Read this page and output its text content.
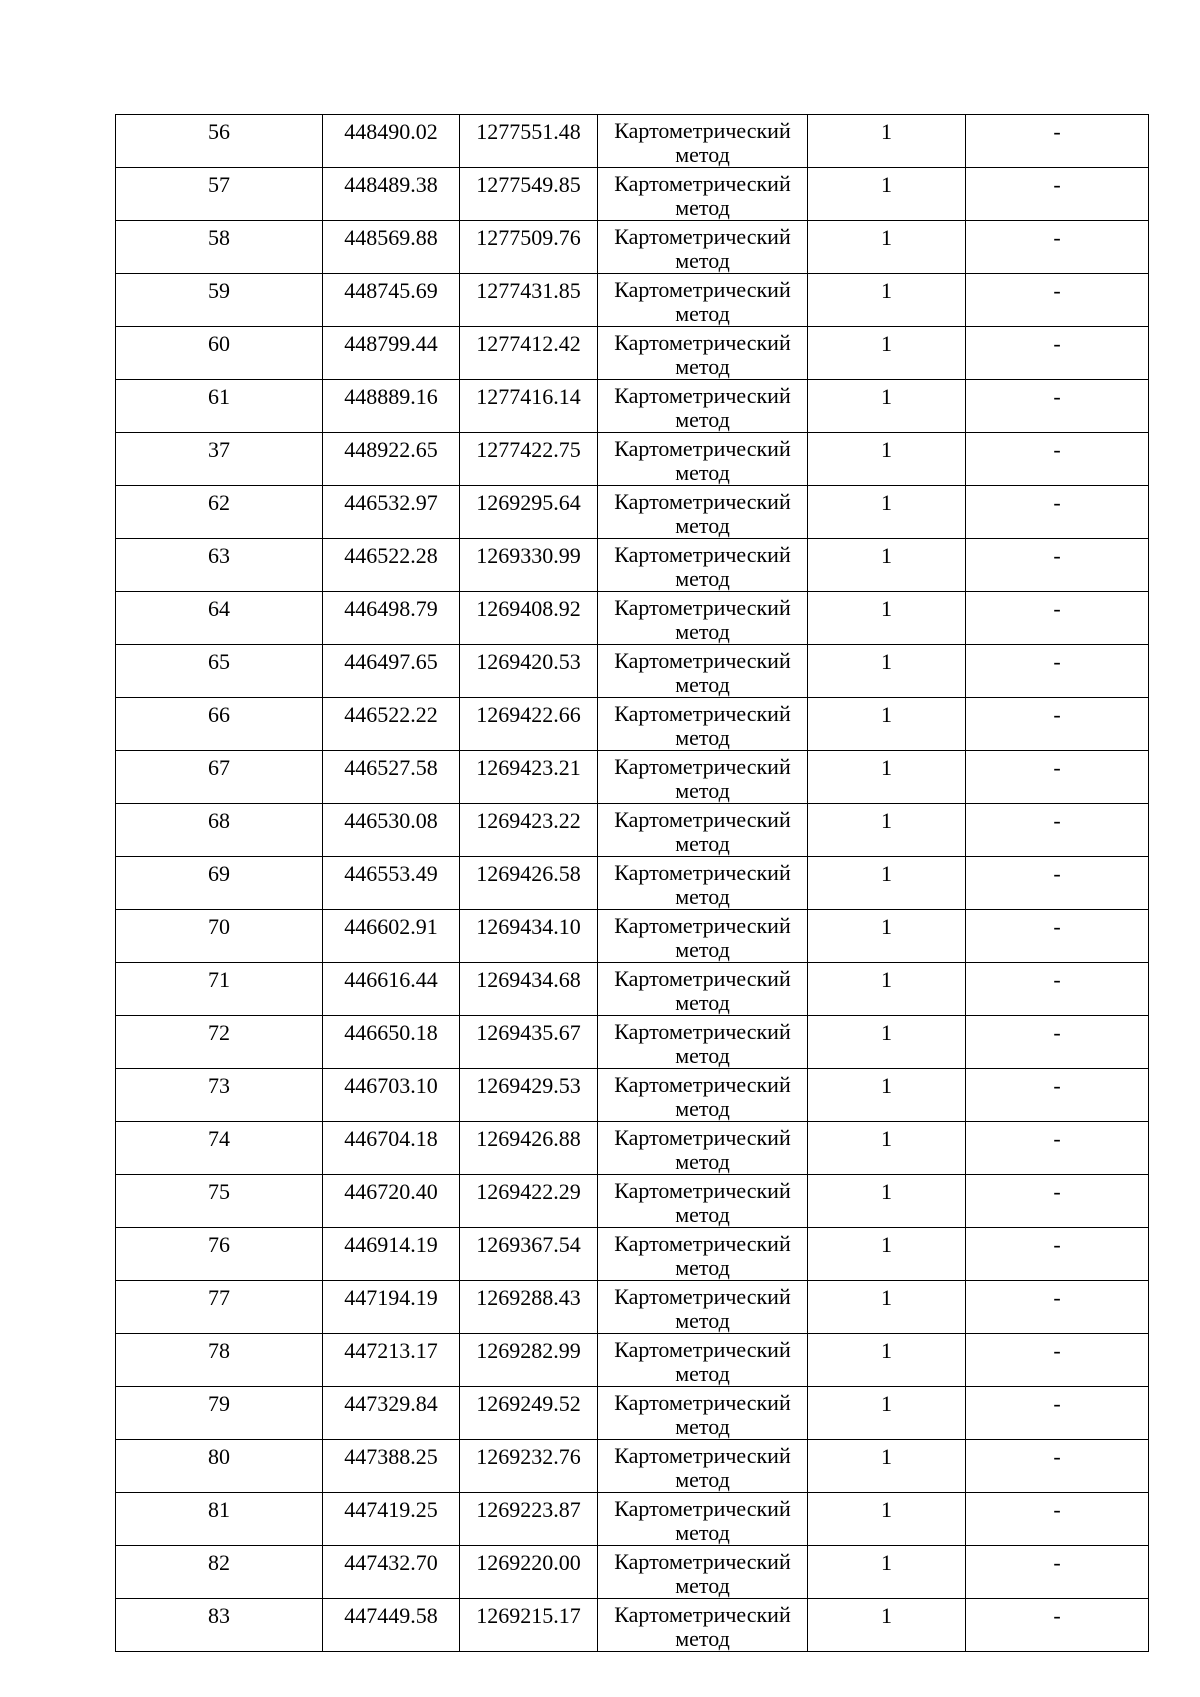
56	448490.02	1277551.48	Картометрический метод	1	-

57	448489.38	1277549.85	Картометрический метод	1	-

58	448569.88	1277509.76	Картометрический метод	1	-

59	448745.69	1277431.85	Картометрический метод	1	-

60	448799.44	1277412.42	Картометрический метод	1	-

61	448889.16	1277416.14	Картометрический метод	1	-

37	448922.65	1277422.75	Картометрический метод	1	-

62	446532.97	1269295.64	Картометрический метод	1	-

63	446522.28	1269330.99	Картометрический метод	1	-

64	446498.79	1269408.92	Картометрический метод	1	-

65	446497.65	1269420.53	Картометрический метод	1	-

66	446522.22	1269422.66	Картометрический метод	1	-

67	446527.58	1269423.21	Картометрический метод	1	-

68	446530.08	1269423.22	Картометрический метод	1	-

69	446553.49	1269426.58	Картометрический метод	1	-

70	446602.91	1269434.10	Картометрический метод	1	-

71	446616.44	1269434.68	Картометрический метод	1	-

72	446650.18	1269435.67	Картометрический метод	1	-

73	446703.10	1269429.53	Картометрический метод	1	-

74	446704.18	1269426.88	Картометрический метод	1	-

75	446720.40	1269422.29	Картометрический метод	1	-

76	446914.19	1269367.54	Картометрический метод	1	-

77	447194.19	1269288.43	Картометрический метод	1	-

78	447213.17	1269282.99	Картометрический метод	1	-

79	447329.84	1269249.52	Картометрический метод	1	-

80	447388.25	1269232.76	Картометрический метод	1	-

81	447419.25	1269223.87	Картометрический метод	1	-

82	447432.70	1269220.00	Картометрический метод	1	-

83	447449.58	1269215.17	Картометрический метод	1	-
